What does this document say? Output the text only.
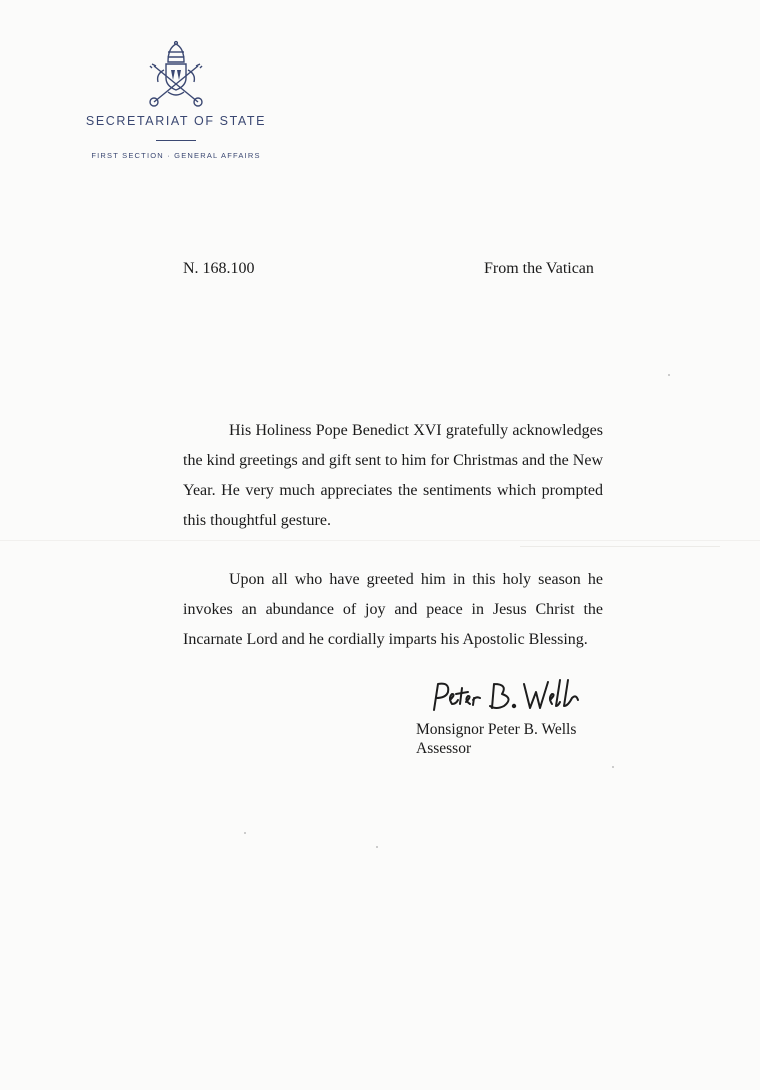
SECRETARIAT OF STATE
FIRST SECTION · GENERAL AFFAIRS
N. 168.100	From the Vatican

His Holiness Pope Benedict XVI gratefully acknowledges the kind greetings and gift sent to him for Christmas and the New Year. He very much appreciates the sentiments which prompted this thoughtful gesture.

Upon all who have greeted him in this holy season he invokes an abundance of joy and peace in Jesus Christ the Incarnate Lord and he cordially imparts his Apostolic Blessing.

Monsignor Peter B. Wells
Assessor
